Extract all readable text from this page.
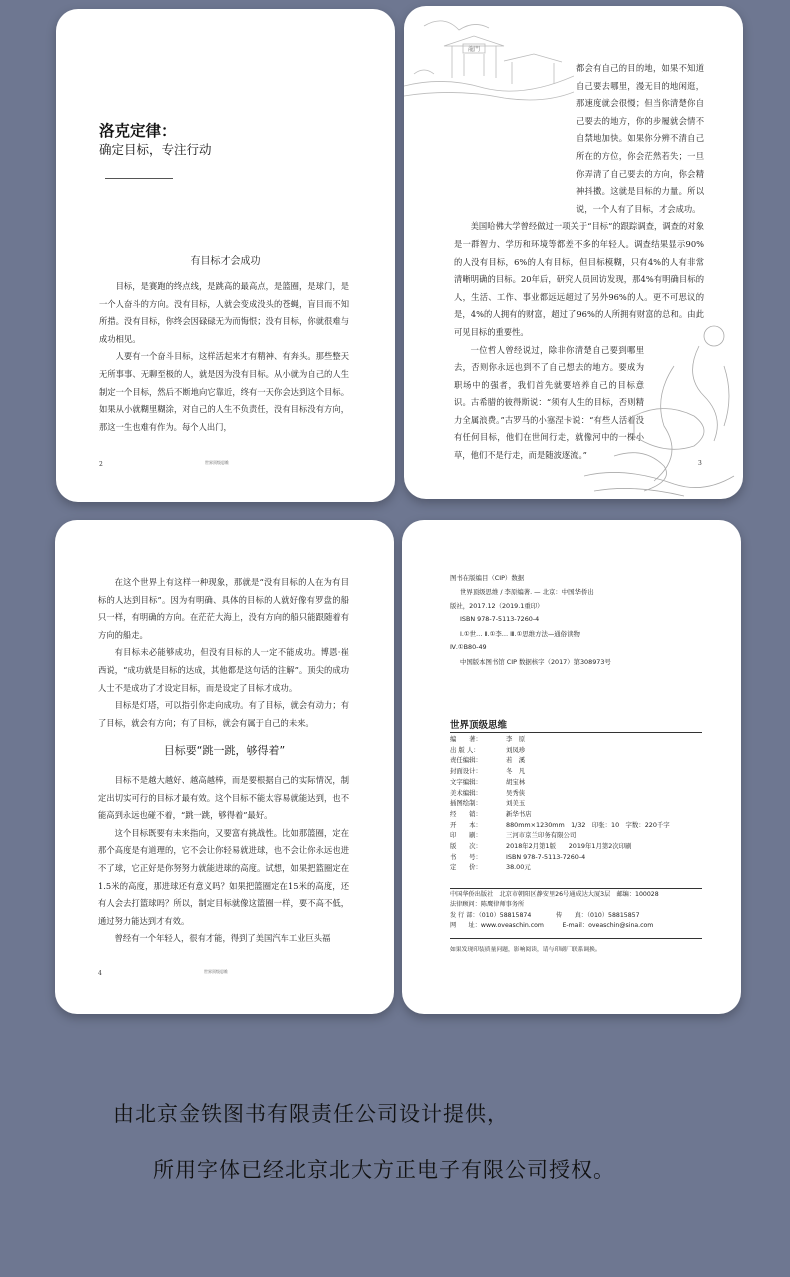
洛克定律：
确定目标，专注行动
有目标才会成功

目标，是赛跑的终点线，是跳高的最高点，是篮圈，是球门，是一个人奋斗的方向。没有目标，人就会变成没头的苍蝇，盲目而不知所措。没有目标，你终会因碌碌无为而悔恨；没有目标，你就很难与成功相见。

人要有一个奋斗目标，这样活起来才有精神、有奔头。那些整天无所事事、无聊至极的人，就是因为没有目标。从小就为自己的人生制定一个目标，然后不断地向它靠近，终有一天你会达到这个目标。如果从小就糊里糊涂，对自己的人生不负责任，没有目标没有方向，那这一生也难有作为。每个人出门，

2	世界顶级思维
龍門

都会有自己的目的地，如果不知道自己要去哪里，漫无目的地闲逛，那速度就会很慢；但当你清楚你自己要去的地方，你的步履就会情不自禁地加快。如果你分辨不清自己所在的方位，你会茫然若失；一旦你弄清了自己要去的方向，你会精神抖擞。这就是目标的力量。所以说，一个人有了目标，才会成功。

美国哈佛大学曾经做过一项关于“目标”的跟踪调查，调查的对象是一群智力、学历和环境等都差不多的年轻人。调查结果显示90%的人没有目标，6%的人有目标，但目标模糊，只有4%的人有非常清晰明确的目标。20年后，研究人员回访发现，那4%有明确目标的人，生活、工作、事业都远远超过了另外96%的人。更不可思议的是，4%的人拥有的财富，超过了96%的人所拥有财富的总和。由此可见目标的重要性。

一位哲人曾经说过，除非你清楚自己要到哪里去，否则你永远也到不了自己想去的地方。要成为职场中的强者，我们首先就要培养自己的目标意识。古希腊的彼得斯说：“须有人生的目标，否则精力全属浪费。”古罗马的小塞涅卡说：“有些人活着没有任何目标，他们在世间行走，就像河中的一棵小草，他们不是行走，而是随波逐流。”

3

在这个世界上有这样一种现象，那就是“没有目标的人在为有目标的人达到目标”。因为有明确、具体的目标的人就好像有罗盘的船只一样，有明确的方向。在茫茫大海上，没有方向的船只能跟随着有方向的船走。

有目标未必能够成功，但没有目标的人一定不能成功。博恩·崔西说，“成功就是目标的达成，其他都是这句话的注解”。顶尖的成功人士不是成功了才设定目标，而是设定了目标才成功。

目标是灯塔，可以指引你走向成功。有了目标，就会有动力；有了目标，就会有方向；有了目标，就会有属于自己的未来。

目标要“跳一跳，够得着”

目标不是越大越好、越高越棒，而是要根据自己的实际情况，制定出切实可行的目标才最有效。这个目标不能太容易就能达到，也不能高到永远也碰不着，“跳一跳，够得着”最好。

这个目标既要有未来指向，又要富有挑战性。比如那篮圈，定在那个高度是有道理的，它不会让你轻易就进球，也不会让你永远也进不了球，它正好是你努努力就能进球的高度。试想，如果把篮圈定在1.5米的高度，那进球还有意义吗？如果把篮圈定在15米的高度，还有人会去打篮球吗？所以，制定目标就像这篮圈一样，要不高不低，通过努力能达到才有效。

曾经有一个年轻人，很有才能，得到了美国汽车工业巨头福

4	世界顶级思维
图书在版编目（CIP）数据
世界顶级思维 / 李原编著. — 北京：中国华侨出
版社，2017.12（2019.1重印）
ISBN 978-7-5113-7260-4
Ⅰ.①世… Ⅱ.①李… Ⅲ.①思维方法—通俗读物
Ⅳ.①B80-49
中国版本图书馆 CIP 数据核字（2017）第308973号
世界顶级思维
编　　著：	李　原
出 版 人：	刘凤珍
责任编辑：	若　溪
封面设计：	冬　凡
文字编辑：	胡宝林
美术编辑：	吴秀侠
插图绘制：	刘美玉
经　　销：	新华书店
开　　本：	880mm×1230mm　1/32　印张：10　字数：220千字
印　　刷：	三河市京兰印务有限公司
版　　次：	2018年2月第1版　　2019年1月第2次印刷
书　　号：	ISBN 978-7-5113-7260-4
定　　价：	38.00元
中国华侨出版社　北京市朝阳区静安里26号通成达大厦3层　邮编：100028
法律顾问：陈鹰律师事务所
发 行 部：（010）58815874　　　　传　　真：（010）58815857
网　　址：www.oveaschin.com　　　E-mail：oveaschin@sina.com
如果发现印装质量问题，影响阅读，请与印刷厂联系调换。
由北京金铁图书有限责任公司设计提供，
所用字体已经北京北大方正电子有限公司授权。
